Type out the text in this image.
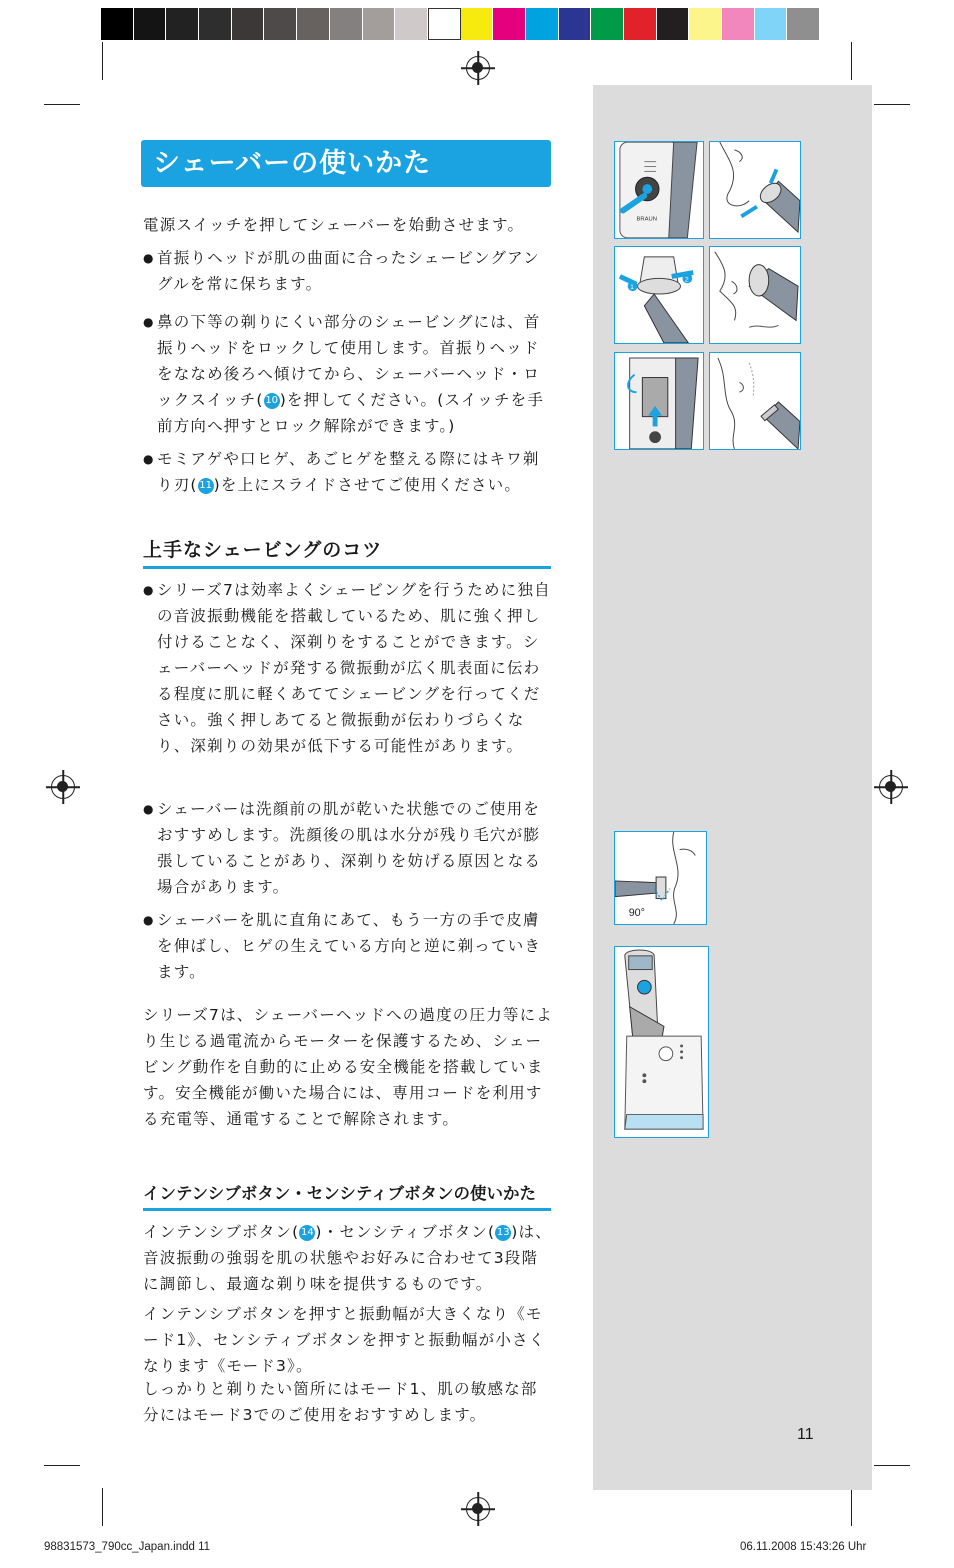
シェーバーの使いかた
電源スイッチを押してシェーバーを始動させます。
● 首振りヘッドが肌の曲面に合ったシェービングアングルを常に保ちます。
● 鼻の下等の剃りにくい部分のシェービングには、首振りヘッドをロックして使用します。首振りヘッドをななめ後ろへ傾けてから、シェーバーヘッド・ロックスイッチ( 10 )を押してください。(スイッチを手前方向へ押すとロック解除ができます。)
● モミアゲや口ヒゲ、あごヒゲを整える際にはキワ剃り刃( 11 )を上にスライドさせてご使用ください。
上手なシェービングのコツ
● シリーズ7は効率よくシェービングを行うために独自の音波振動機能を搭載しているため、肌に強く押し付けることなく、深剃りをすることができます。シェーバーヘッドが発する微振動が広く肌表面に伝わる程度に肌に軽くあててシェービングを行ってください。強く押しあてると微振動が伝わりづらくなり、深剃りの効果が低下する可能性があります。
● シェーバーは洗顔前の肌が乾いた状態でのご使用をおすすめします。洗顔後の肌は水分が残り毛穴が膨張していることがあり、深剃りを妨げる原因となる場合があります。
● シェーバーを肌に直角にあて、もう一方の手で皮膚を伸ばし、ヒゲの生えている方向と逆に剃っていきます。
シリーズ7は、シェーバーヘッドへの過度の圧力等により生じる過電流からモーターを保護するため、シェービング動作を自動的に止める安全機能を搭載しています。安全機能が働いた場合には、専用コードを利用する充電等、通電することで解除されます。
インテンシブボタン・センシティブボタンの使いかた
インテンシブボタン( 14 )・センシティブボタン( 13 )は、音波振動の強弱を肌の状態やお好みに合わせて3段階に調節し、最適な剃り味を提供するものです。
インテンシブボタンを押すと振動幅が大きくなり《モード1》、センシティブボタンを押すと振動幅が小さくなります《モード3》。
しっかりと剃りたい箇所にはモード1、肌の敏感な部分にはモード3でのご使用をおすすめします。
BRAUN
1
2
90°
11
98831573_790cc_Japan.indd 11	06.11.2008 15:43:26 Uhr
